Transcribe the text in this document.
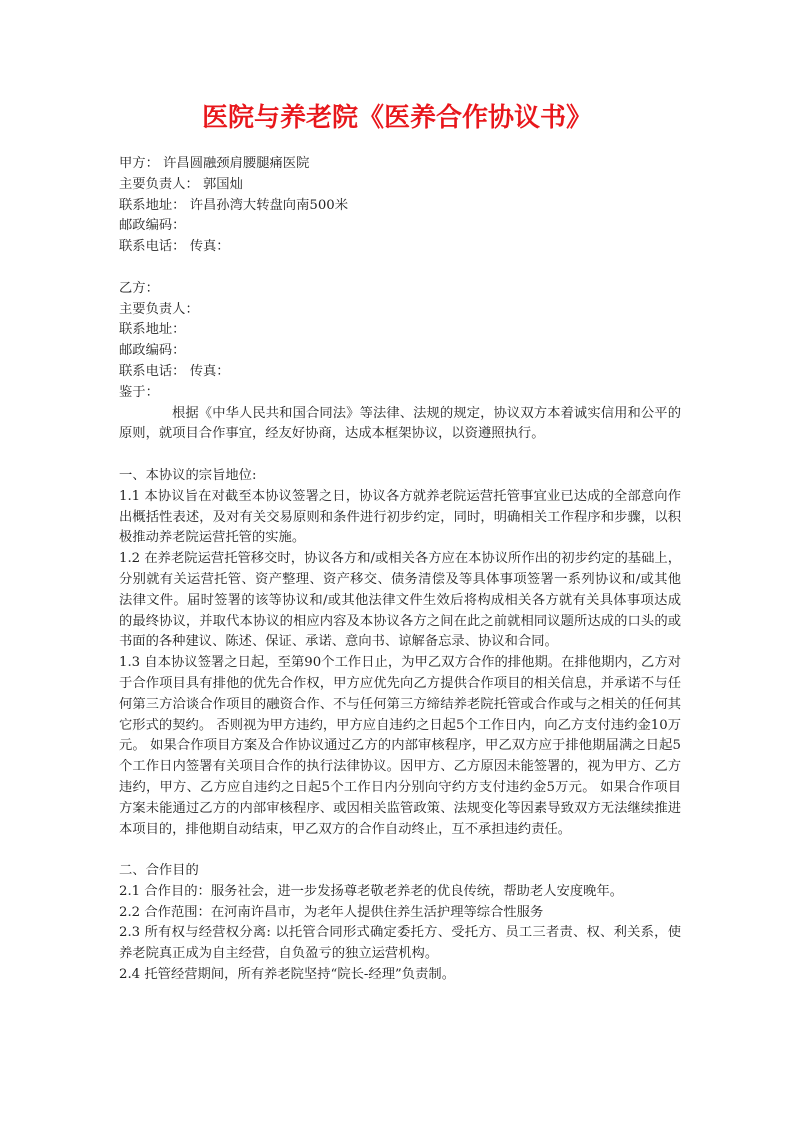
医院与养老院《医养合作协议书》

甲方： 许昌圆融颈肩腰腿痛医院

主要负责人： 郭国灿

联系地址： 许昌孙湾大转盘向南500米

邮政编码：

联系电话： 传真：

乙方：

主要负责人：

联系地址：

邮政编码：

联系电话： 传真：

鉴于：

根据《中华人民共和国合同法》等法律、法规的规定，协议双方本着诚实信用和公平的原则，就项目合作事宜，经友好协商，达成本框架协议，以资遵照执行。

一、本协议的宗旨地位:

1.1 本协议旨在对截至本协议签署之日，协议各方就养老院运营托管事宜业已达成的全部意向作出概括性表述，及对有关交易原则和条件进行初步约定，同时，明确相关工作程序和步骤，以积极推动养老院运营托管的实施。

1.2 在养老院运营托管移交时，协议各方和/或相关各方应在本协议所作出的初步约定的基础上，分别就有关运营托管、资产整理、资产移交、债务清偿及等具体事项签署一系列协议和/或其他法律文件。届时签署的该等协议和/或其他法律文件生效后将构成相关各方就有关具体事项达成的最终协议，并取代本协议的相应内容及本协议各方之间在此之前就相同议题所达成的口头的或书面的各种建议、陈述、保证、承诺、意向书、谅解备忘录、协议和合同。

1.3 自本协议签署之日起，至第90个工作日止，为甲乙双方合作的排他期。在排他期内，乙方对于合作项目具有排他的优先合作权，甲方应优先向乙方提供合作项目的相关信息，并承诺不与任何第三方洽谈合作项目的融资合作、不与任何第三方缔结养老院托管或合作或与之相关的任何其它形式的契约。 否则视为甲方违约，甲方应自违约之日起5个工作日内，向乙方支付违约金10万元。 如果合作项目方案及合作协议通过乙方的内部审核程序，甲乙双方应于排他期届满之日起5个工作日内签署有关项目合作的执行法律协议。因甲方、乙方原因未能签署的，视为甲方、乙方违约，甲方、乙方应自违约之日起5个工作日内分别向守约方支付违约金5万元。 如果合作项目方案未能通过乙方的内部审核程序、或因相关监管政策、法规变化等因素导致双方无法继续推进本项目的，排他期自动结束，甲乙双方的合作自动终止，互不承担违约责任。

二、合作目的

2.1 合作目的：服务社会，进一步发扬尊老敬老养老的优良传统，帮助老人安度晚年。

2.2 合作范围：在河南许昌市，为老年人提供住养生活护理等综合性服务

2.3 所有权与经营权分离: 以托管合同形式确定委托方、受托方、员工三者责、权、利关系，使养老院真正成为自主经营，自负盈亏的独立运营机构。

2.4 托管经营期间，所有养老院坚持“院长-经理”负责制。
